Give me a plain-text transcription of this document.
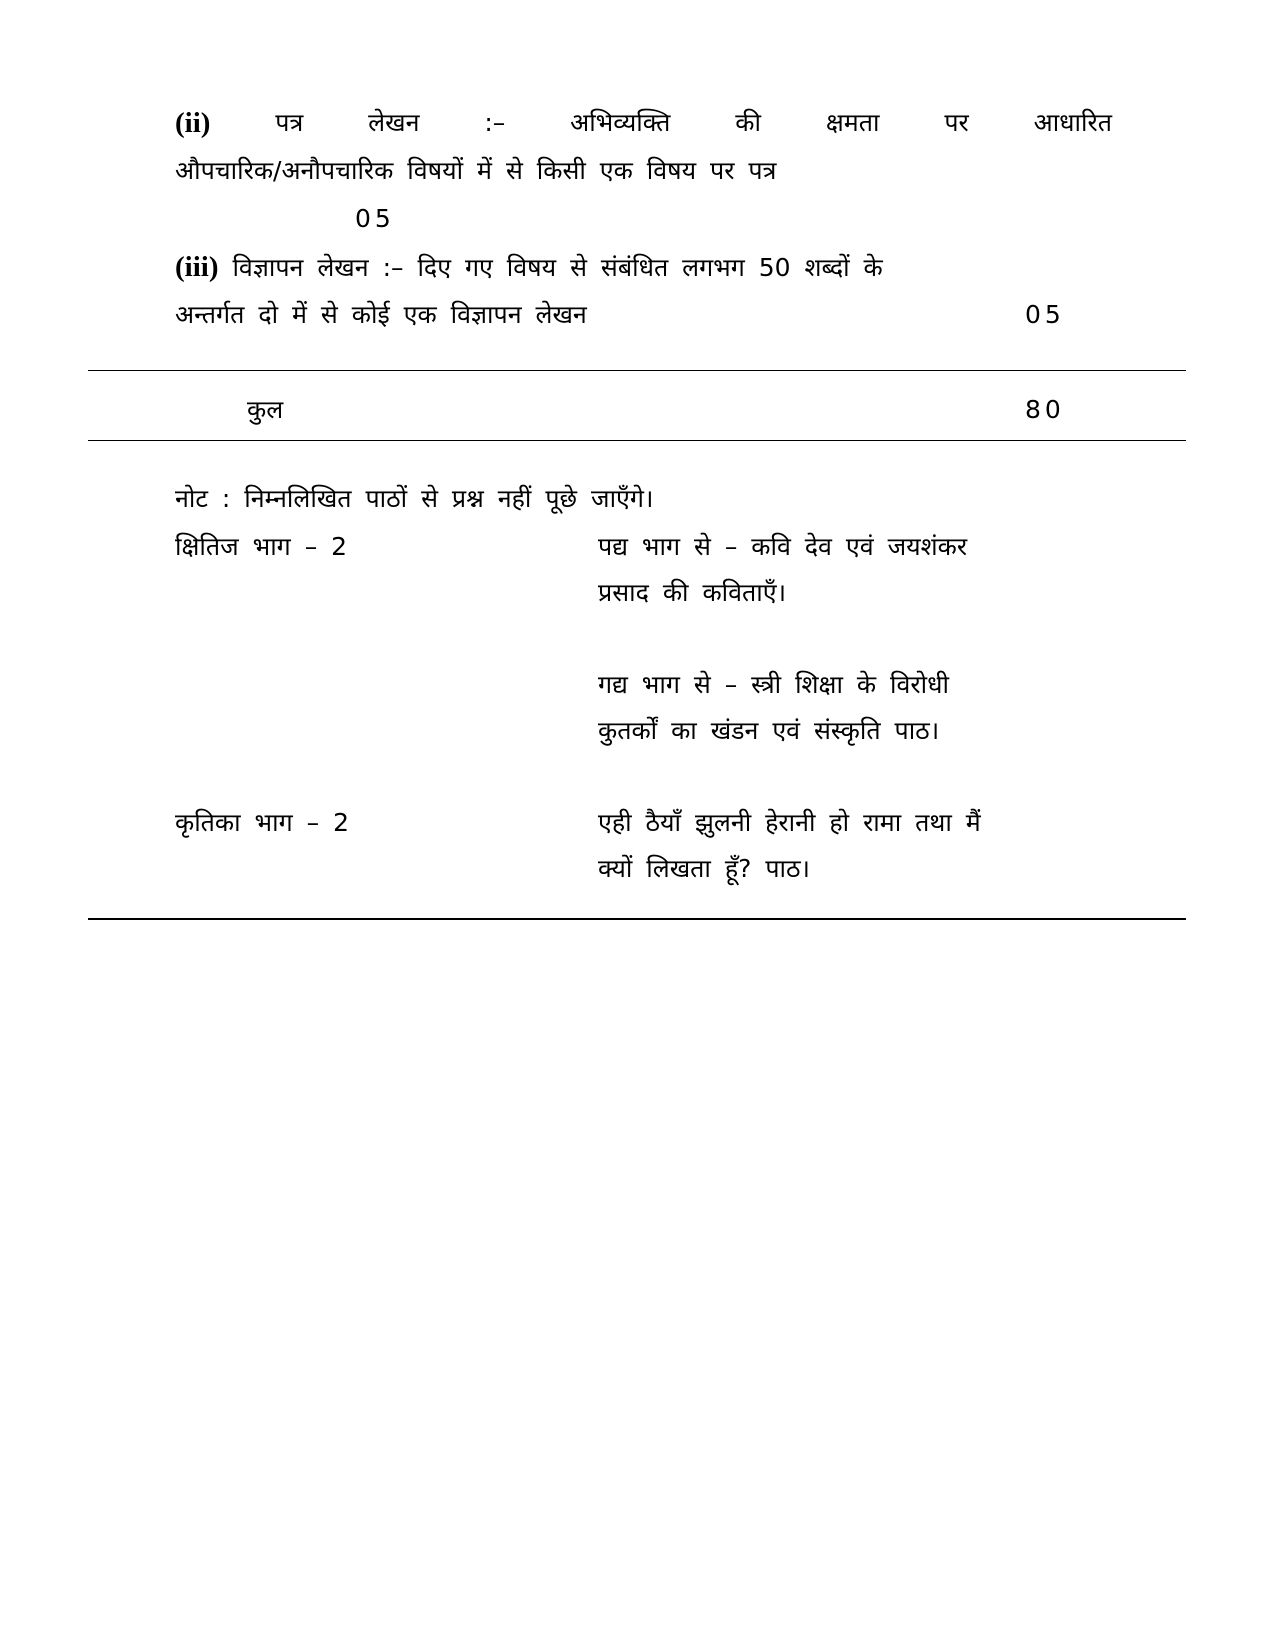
(ii)	पत्र	लेखन	:–	अभिव्यक्ति	की	क्षमता	पर	आधारित
औपचारिक/अनौपचारिक विषयों में से किसी एक विषय पर पत्र
05
(iii) विज्ञापन लेखन :– दिए गए विषय से संबंधित लगभग 50 शब्दों के
अन्तर्गत दो में से कोई एक विज्ञापन लेखन	05
कुल	80
नोट : निम्नलिखित पाठों से प्रश्न नहीं पूछे जाएँगे।
क्षितिज भाग – 2	पद्य भाग से – कवि देव एवं जयशंकर
प्रसाद की कविताएँ।
गद्य भाग से – स्त्री शिक्षा के विरोधी
कुतर्कों का खंडन एवं संस्कृति पाठ।
कृतिका भाग – 2	एही ठैयाँ झुलनी हेरानी हो रामा तथा मैं
क्यों लिखता हूँ? पाठ।
